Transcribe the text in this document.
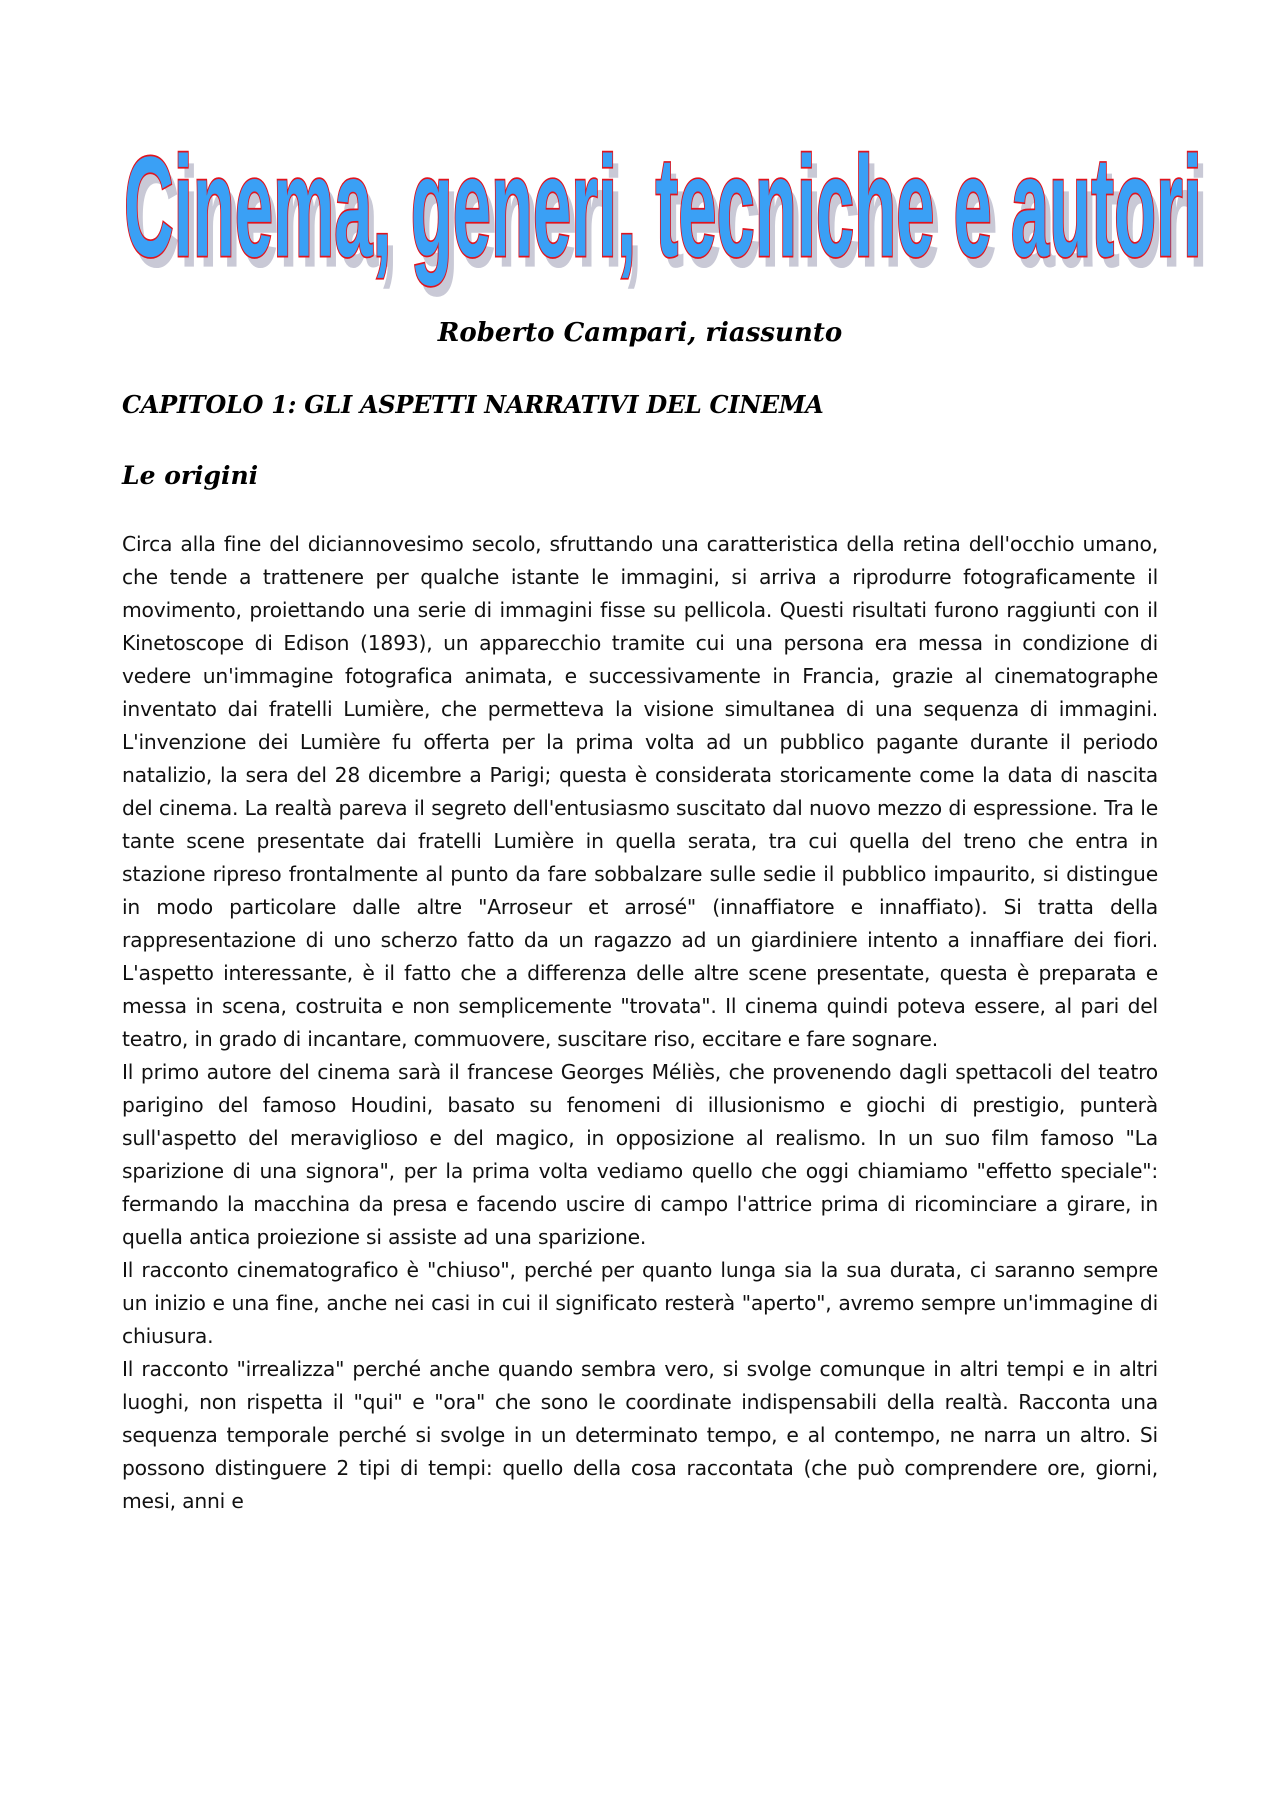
Cinema, generi, tecniche e autori
Cinema, generi, tecniche e autori
Roberto Campari, riassunto
CAPITOLO 1: GLI ASPETTI NARRATIVI DEL CINEMA
Le origini

Circa alla fine del diciannovesimo secolo, sfruttando una caratteristica della retina dell'occhio umano, che tende a trattenere per qualche istante le immagini, si arriva a riprodurre fotograficamente il movimento, proiettando una serie di immagini fisse su pellicola. Questi risultati furono raggiunti con il Kinetoscope di Edison (1893), un apparecchio tramite cui una persona era messa in condizione di vedere un'immagine fotografica animata, e successivamente in Francia, grazie al cinematographe inventato dai fratelli Lumière, che permetteva la visione simultanea di una sequenza di immagini. L'invenzione dei Lumière fu offerta per la prima volta ad un pubblico pagante durante il periodo natalizio, la sera del 28 dicembre a Parigi; questa è considerata storicamente come la data di nascita del cinema. La realtà pareva il segreto dell'entusiasmo suscitato dal nuovo mezzo di espressione. Tra le tante scene presentate dai fratelli Lumière in quella serata, tra cui quella del treno che entra in stazione ripreso frontalmente al punto da fare sobbalzare sulle sedie il pubblico impaurito, si distingue in modo particolare dalle altre "Arroseur et arrosé" (innaffiatore e innaffiato). Si tratta della rappresentazione di uno scherzo fatto da un ragazzo ad un giardiniere intento a innaffiare dei fiori. L'aspetto interessante, è il fatto che a differenza delle altre scene presentate, questa è preparata e messa in scena, costruita e non semplicemente "trovata". Il cinema quindi poteva essere, al pari del teatro, in grado di incantare, commuovere, suscitare riso, eccitare e fare sognare.

Il primo autore del cinema sarà il francese Georges Méliès, che provenendo dagli spettacoli del teatro parigino del famoso Houdini, basato su fenomeni di illusionismo e giochi di prestigio, punterà sull'aspetto del meraviglioso e del magico, in opposizione al realismo. In un suo film famoso "La sparizione di una signora", per la prima volta vediamo quello che oggi chiamiamo "effetto speciale": fermando la macchina da presa e facendo uscire di campo l'attrice prima di ricominciare a girare, in quella antica proiezione si assiste ad una sparizione.

Il racconto cinematografico è "chiuso", perché per quanto lunga sia la sua durata, ci saranno sempre un inizio e una fine, anche nei casi in cui il significato resterà "aperto", avremo sempre un'immagine di chiusura.

Il racconto "irrealizza" perché anche quando sembra vero, si svolge comunque in altri tempi e in altri luoghi, non rispetta il "qui" e "ora" che sono le coordinate indispensabili della realtà. Racconta una sequenza temporale perché si svolge in un determinato tempo, e al contempo, ne narra un altro. Si possono distinguere 2 tipi di tempi: quello della cosa raccontata (che può comprendere ore, giorni, mesi, anni e
